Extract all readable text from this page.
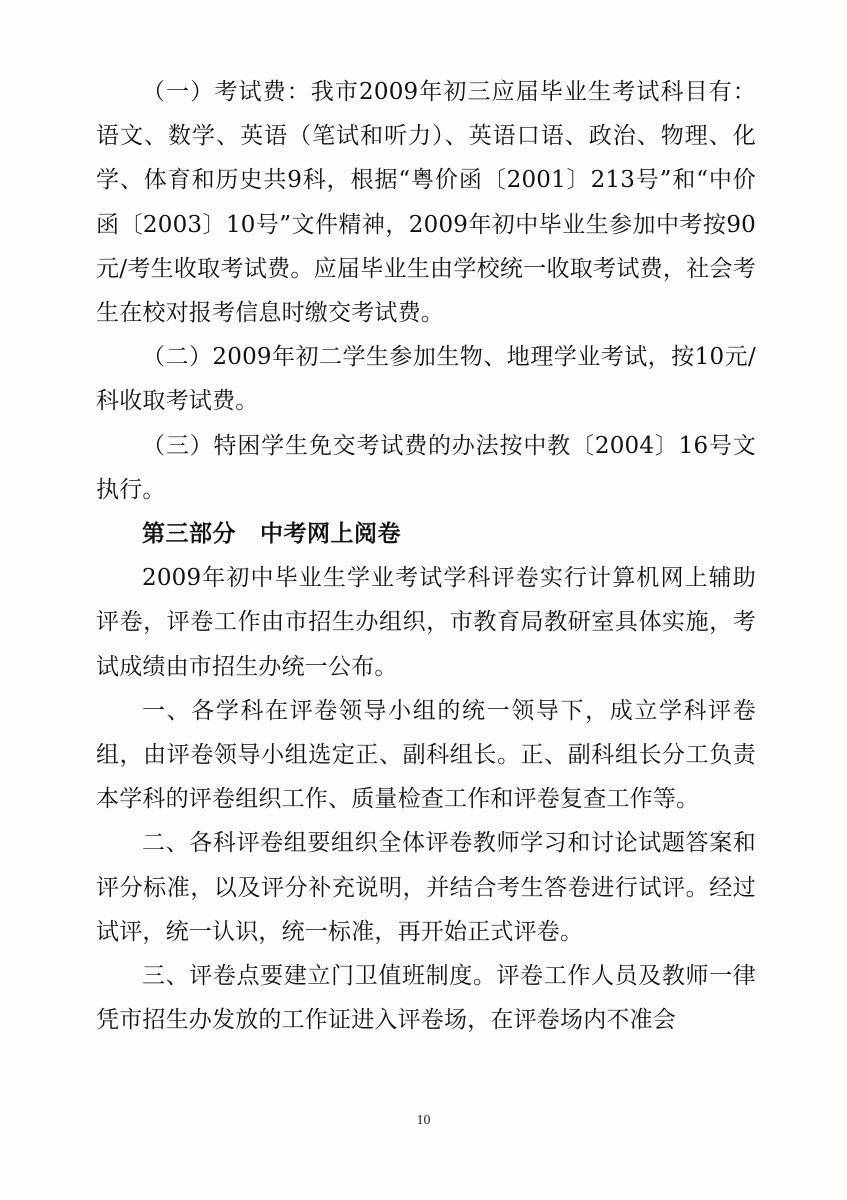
（一）考试费：我市2009年初三应届毕业生考试科目有：语文、数学、英语（笔试和听力）、英语口语、政治、物理、化学、体育和历史共9科，根据“粤价函〔2001〕213号”和“中价函〔2003〕10号”文件精神，2009年初中毕业生参加中考按90元/考生收取考试费。应届毕业生由学校统一收取考试费，社会考生在校对报考信息时缴交考试费。

（二）2009年初二学生参加生物、地理学业考试，按10元/科收取考试费。

（三）特困学生免交考试费的办法按中教〔2004〕16号文执行。

第三部分 中考网上阅卷

2009年初中毕业生学业考试学科评卷实行计算机网上辅助评卷，评卷工作由市招生办组织，市教育局教研室具体实施，考试成绩由市招生办统一公布。

一、各学科在评卷领导小组的统一领导下，成立学科评卷组，由评卷领导小组选定正、副科组长。正、副科组长分工负责本学科的评卷组织工作、质量检查工作和评卷复查工作等。

二、各科评卷组要组织全体评卷教师学习和讨论试题答案和评分标准，以及评分补充说明，并结合考生答卷进行试评。经过试评，统一认识，统一标准，再开始正式评卷。

三、评卷点要建立门卫值班制度。评卷工作人员及教师一律凭市招生办发放的工作证进入评卷场，在评卷场内不准会

10
